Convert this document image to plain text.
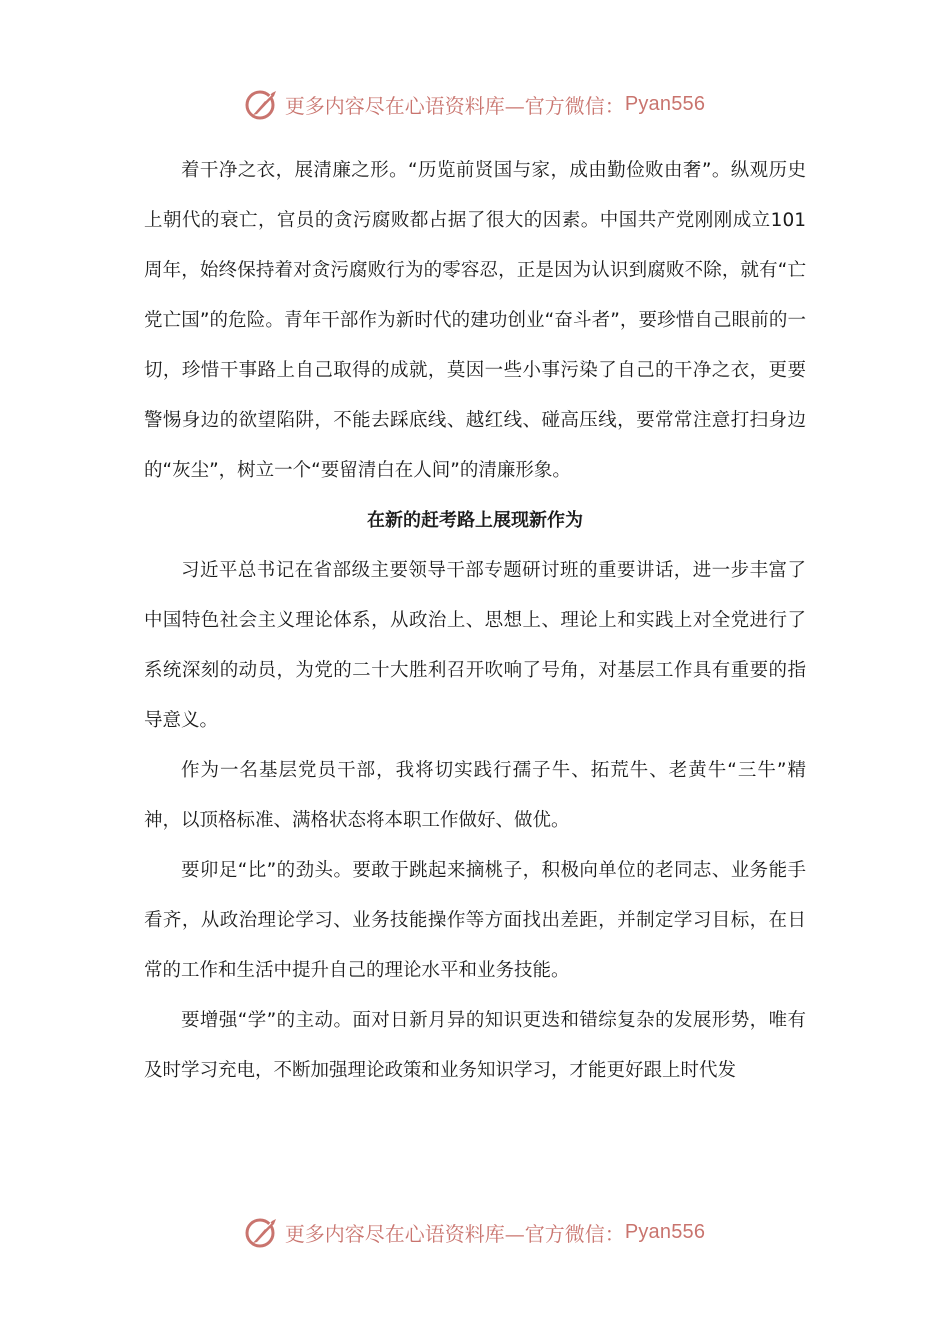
更多内容尽在心语资料库—官方微信： Pyan556

着干净之衣，展清廉之形。“历览前贤国与家，成由勤俭败由奢”。纵观历史上朝代的衰亡，官员的贪污腐败都占据了很大的因素。中国共产党刚刚成立101周年，始终保持着对贪污腐败行为的零容忍，正是因为认识到腐败不除，就有“亡党亡国”的危险。青年干部作为新时代的建功创业“奋斗者”，要珍惜自己眼前的一切，珍惜干事路上自己取得的成就，莫因一些小事污染了自己的干净之衣，更要警惕身边的欲望陷阱，不能去踩底线、越红线、碰高压线，要常常注意打扫身边的“灰尘”，树立一个“要留清白在人间”的清廉形象。

在新的赶考路上展现新作为

习近平总书记在省部级主要领导干部专题研讨班的重要讲话，进一步丰富了中国特色社会主义理论体系，从政治上、思想上、理论上和实践上对全党进行了系统深刻的动员，为党的二十大胜利召开吹响了号角，对基层工作具有重要的指导意义。

作为一名基层党员干部，我将切实践行孺子牛、拓荒牛、老黄牛“三牛”精神，以顶格标准、满格状态将本职工作做好、做优。

要卯足“比”的劲头。要敢于跳起来摘桃子，积极向单位的老同志、业务能手看齐，从政治理论学习、业务技能操作等方面找出差距，并制定学习目标，在日常的工作和生活中提升自己的理论水平和业务技能。

要增强“学”的主动。面对日新月异的知识更迭和错综复杂的发展形势，唯有及时学习充电，不断加强理论政策和业务知识学习，才能更好跟上时代发

更多内容尽在心语资料库—官方微信： Pyan556
